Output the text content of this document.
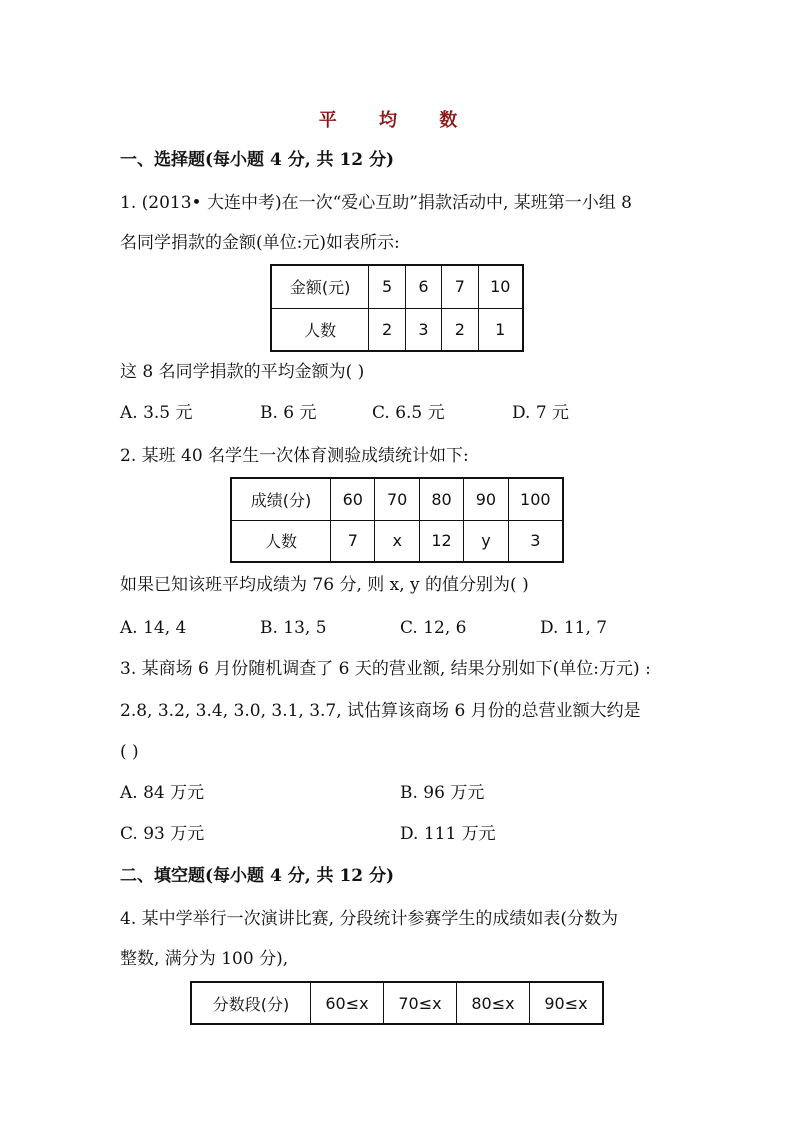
平 均 数
一、选择题(每小题 4 分, 共 12 分)
1. (2013• 大连中考)在一次“爱心互助”捐款活动中, 某班第一小组 8
名同学捐款的金额(单位:元)如表所示:
金额(元)	5	6	7	10
人数	2	3	2	1
这 8 名同学捐款的平均金额为( )
A. 3.5 元	B. 6 元	C. 6.5 元	D. 7 元
2. 某班 40 名学生一次体育测验成绩统计如下:
成绩(分)	60	70	80	90	100
人数	7	x	12	y	3
如果已知该班平均成绩为 76 分, 则 x, y 的值分别为( )
A. 14, 4	B. 13, 5	C. 12, 6	D. 11, 7
3. 某商场 6 月份随机调查了 6 天的营业额, 结果分别如下(单位:万元) :
2.8, 3.2, 3.4, 3.0, 3.1, 3.7, 试估算该商场 6 月份的总营业额大约是
( )
A. 84 万元	B. 96 万元
C. 93 万元	D. 111 万元
二、填空题(每小题 4 分, 共 12 分)
4. 某中学举行一次演讲比赛, 分段统计参赛学生的成绩如表(分数为
整数, 满分为 100 分),
分数段(分)	60≤x	70≤x	80≤x	90≤x
